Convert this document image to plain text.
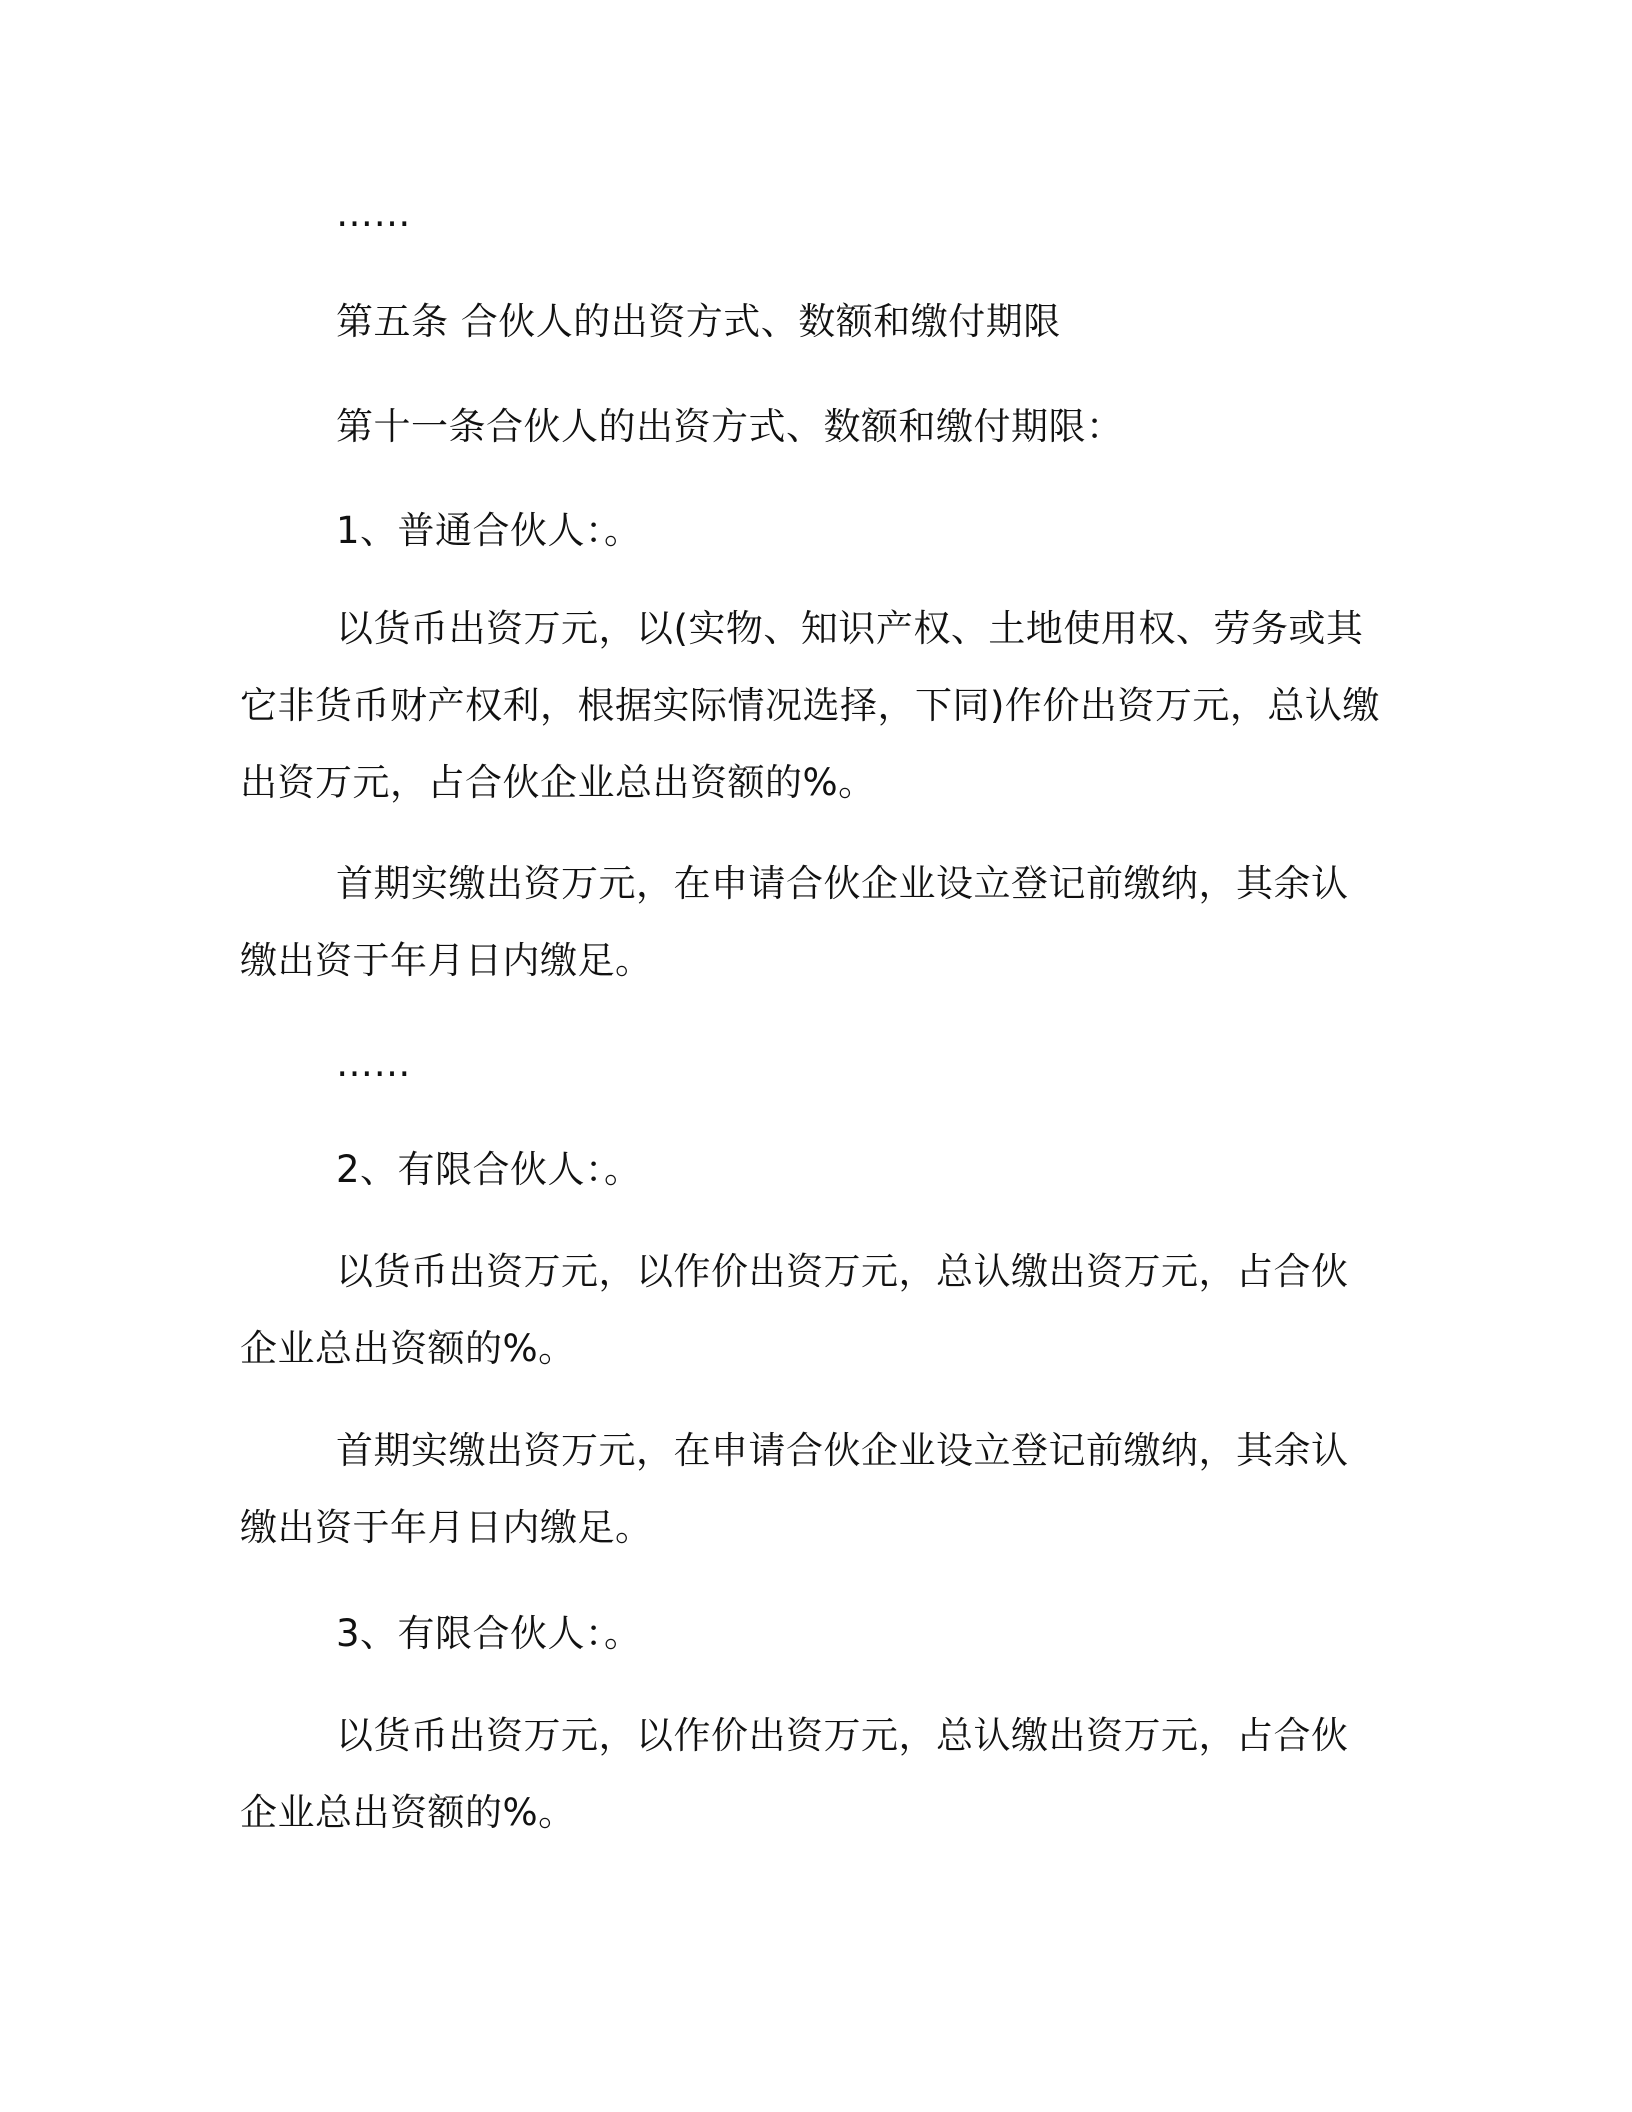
……

第五条 合伙人的出资方式、数额和缴付期限

第十一条合伙人的出资方式、数额和缴付期限：

1、普通合伙人：。

以货币出资万元，以(实物、知识产权、土地使用权、劳务或其它非货币财产权利，根据实际情况选择，下同)作价出资万元，总认缴出资万元，占合伙企业总出资额的%。

首期实缴出资万元，在申请合伙企业设立登记前缴纳，其余认缴出资于年月日内缴足。

……

2、有限合伙人：。

以货币出资万元，以作价出资万元，总认缴出资万元，占合伙企业总出资额的%。

首期实缴出资万元，在申请合伙企业设立登记前缴纳，其余认缴出资于年月日内缴足。

3、有限合伙人：。

以货币出资万元，以作价出资万元，总认缴出资万元，占合伙企业总出资额的%。
